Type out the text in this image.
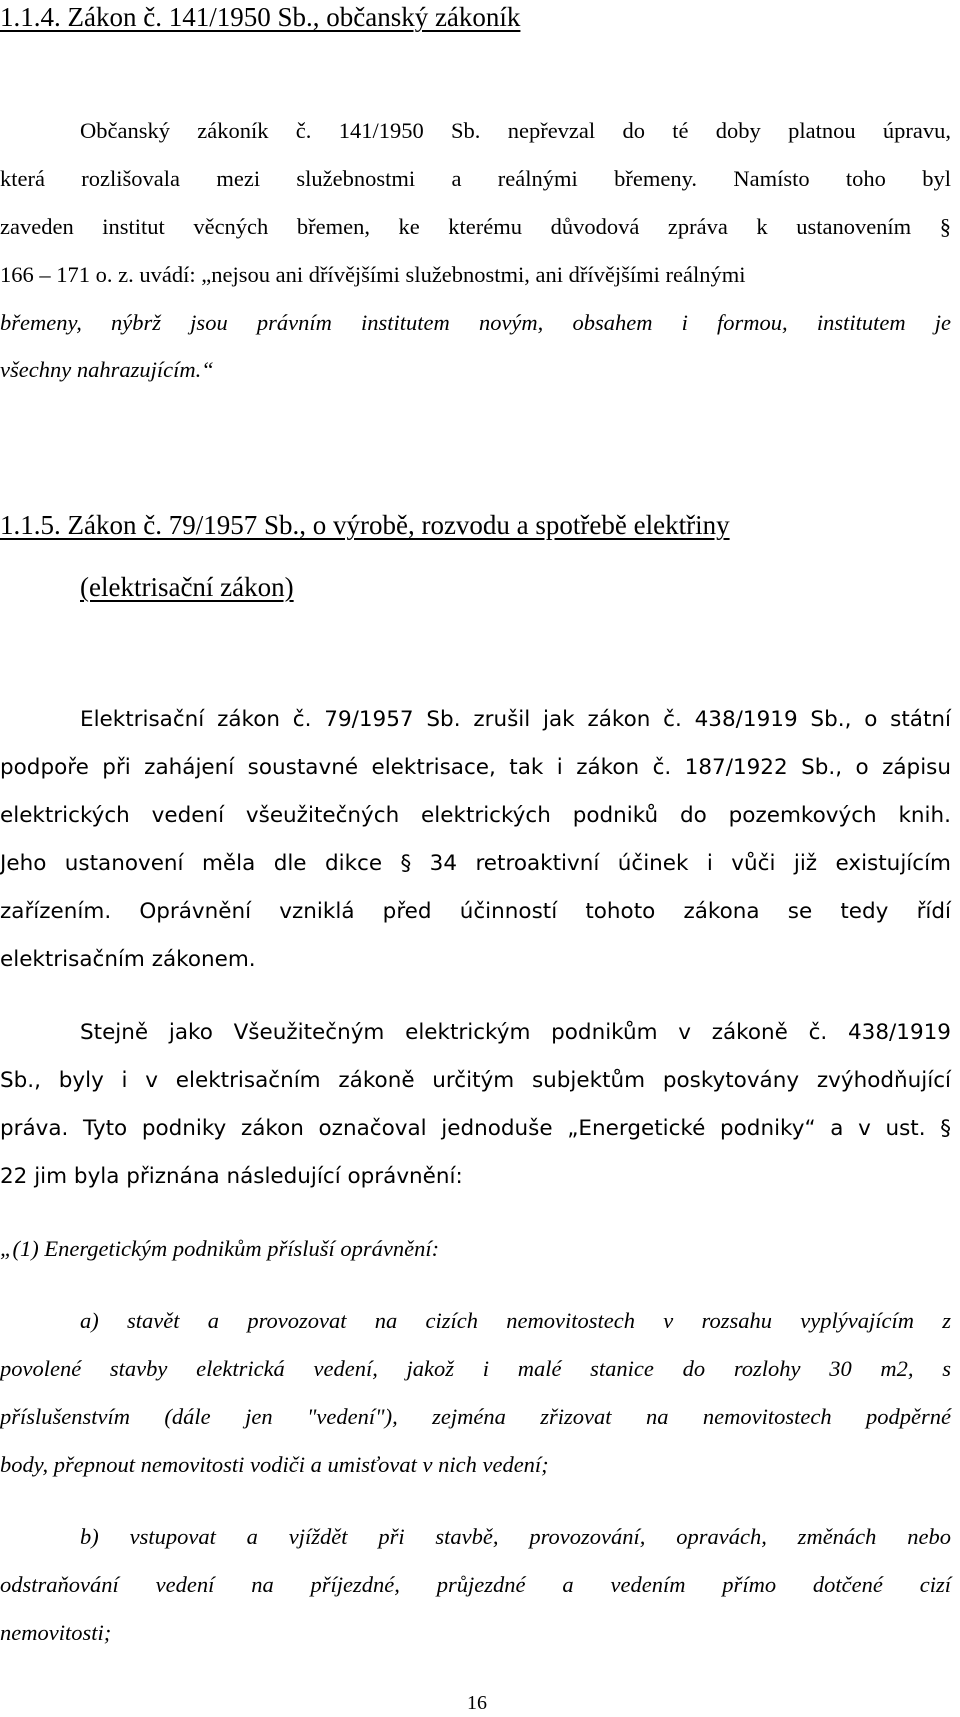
1.1.4. Zákon č. 141/1950 Sb., občanský zákoník
Občanský zákoník č. 141/1950 Sb. nepřevzal do té doby platnou úpravu,
která rozlišovala mezi služebnostmi a reálnými břemeny. Namísto toho byl
zaveden institut věcných břemen, ke kterému důvodová zpráva k ustanovením §
166 – 171 o. z. uvádí: „nejsou ani dřívějšími služebnostmi, ani dřívějšími reálnými
břemeny, nýbrž jsou právním institutem novým, obsahem i formou, institutem je
všechny nahrazujícím.“
1.1.5. Zákon č. 79/1957 Sb., o výrobě, rozvodu a spotřebě elektřiny
(elektrisační zákon)
Elektrisační zákon č. 79/1957 Sb. zrušil jak zákon č. 438/1919 Sb., o státní
podpoře při zahájení soustavné elektrisace, tak i zákon č. 187/1922 Sb., o zápisu
elektrických vedení všeužitečných elektrických podniků do pozemkových knih.
Jeho ustanovení měla dle dikce § 34 retroaktivní účinek i vůči již existujícím
zařízením. Oprávnění vzniklá před účinností tohoto zákona se tedy řídí
elektrisačním zákonem.
Stejně jako Všeužitečným elektrickým podnikům v zákoně č. 438/1919
Sb., byly i v elektrisačním zákoně určitým subjektům poskytovány zvýhodňující
práva. Tyto podniky zákon označoval jednoduše „Energetické podniky“ a v ust. §
22 jim byla přiznána následující oprávnění:
„(1) Energetickým podnikům přísluší oprávnění:
a) stavět a provozovat na cizích nemovitostech v rozsahu vyplývajícím z
povolené stavby elektrická vedení, jakož i malé stanice do rozlohy 30 m2, s
příslušenstvím (dále jen "vedení"), zejména zřizovat na nemovitostech podpěrné
body, přepnout nemovitosti vodiči a umisťovat v nich vedení;
b) vstupovat a vjíždět při stavbě, provozování, opravách, změnách nebo
odstraňování vedení na příjezdné, průjezdné a vedením přímo dotčené cizí
nemovitosti;
16
